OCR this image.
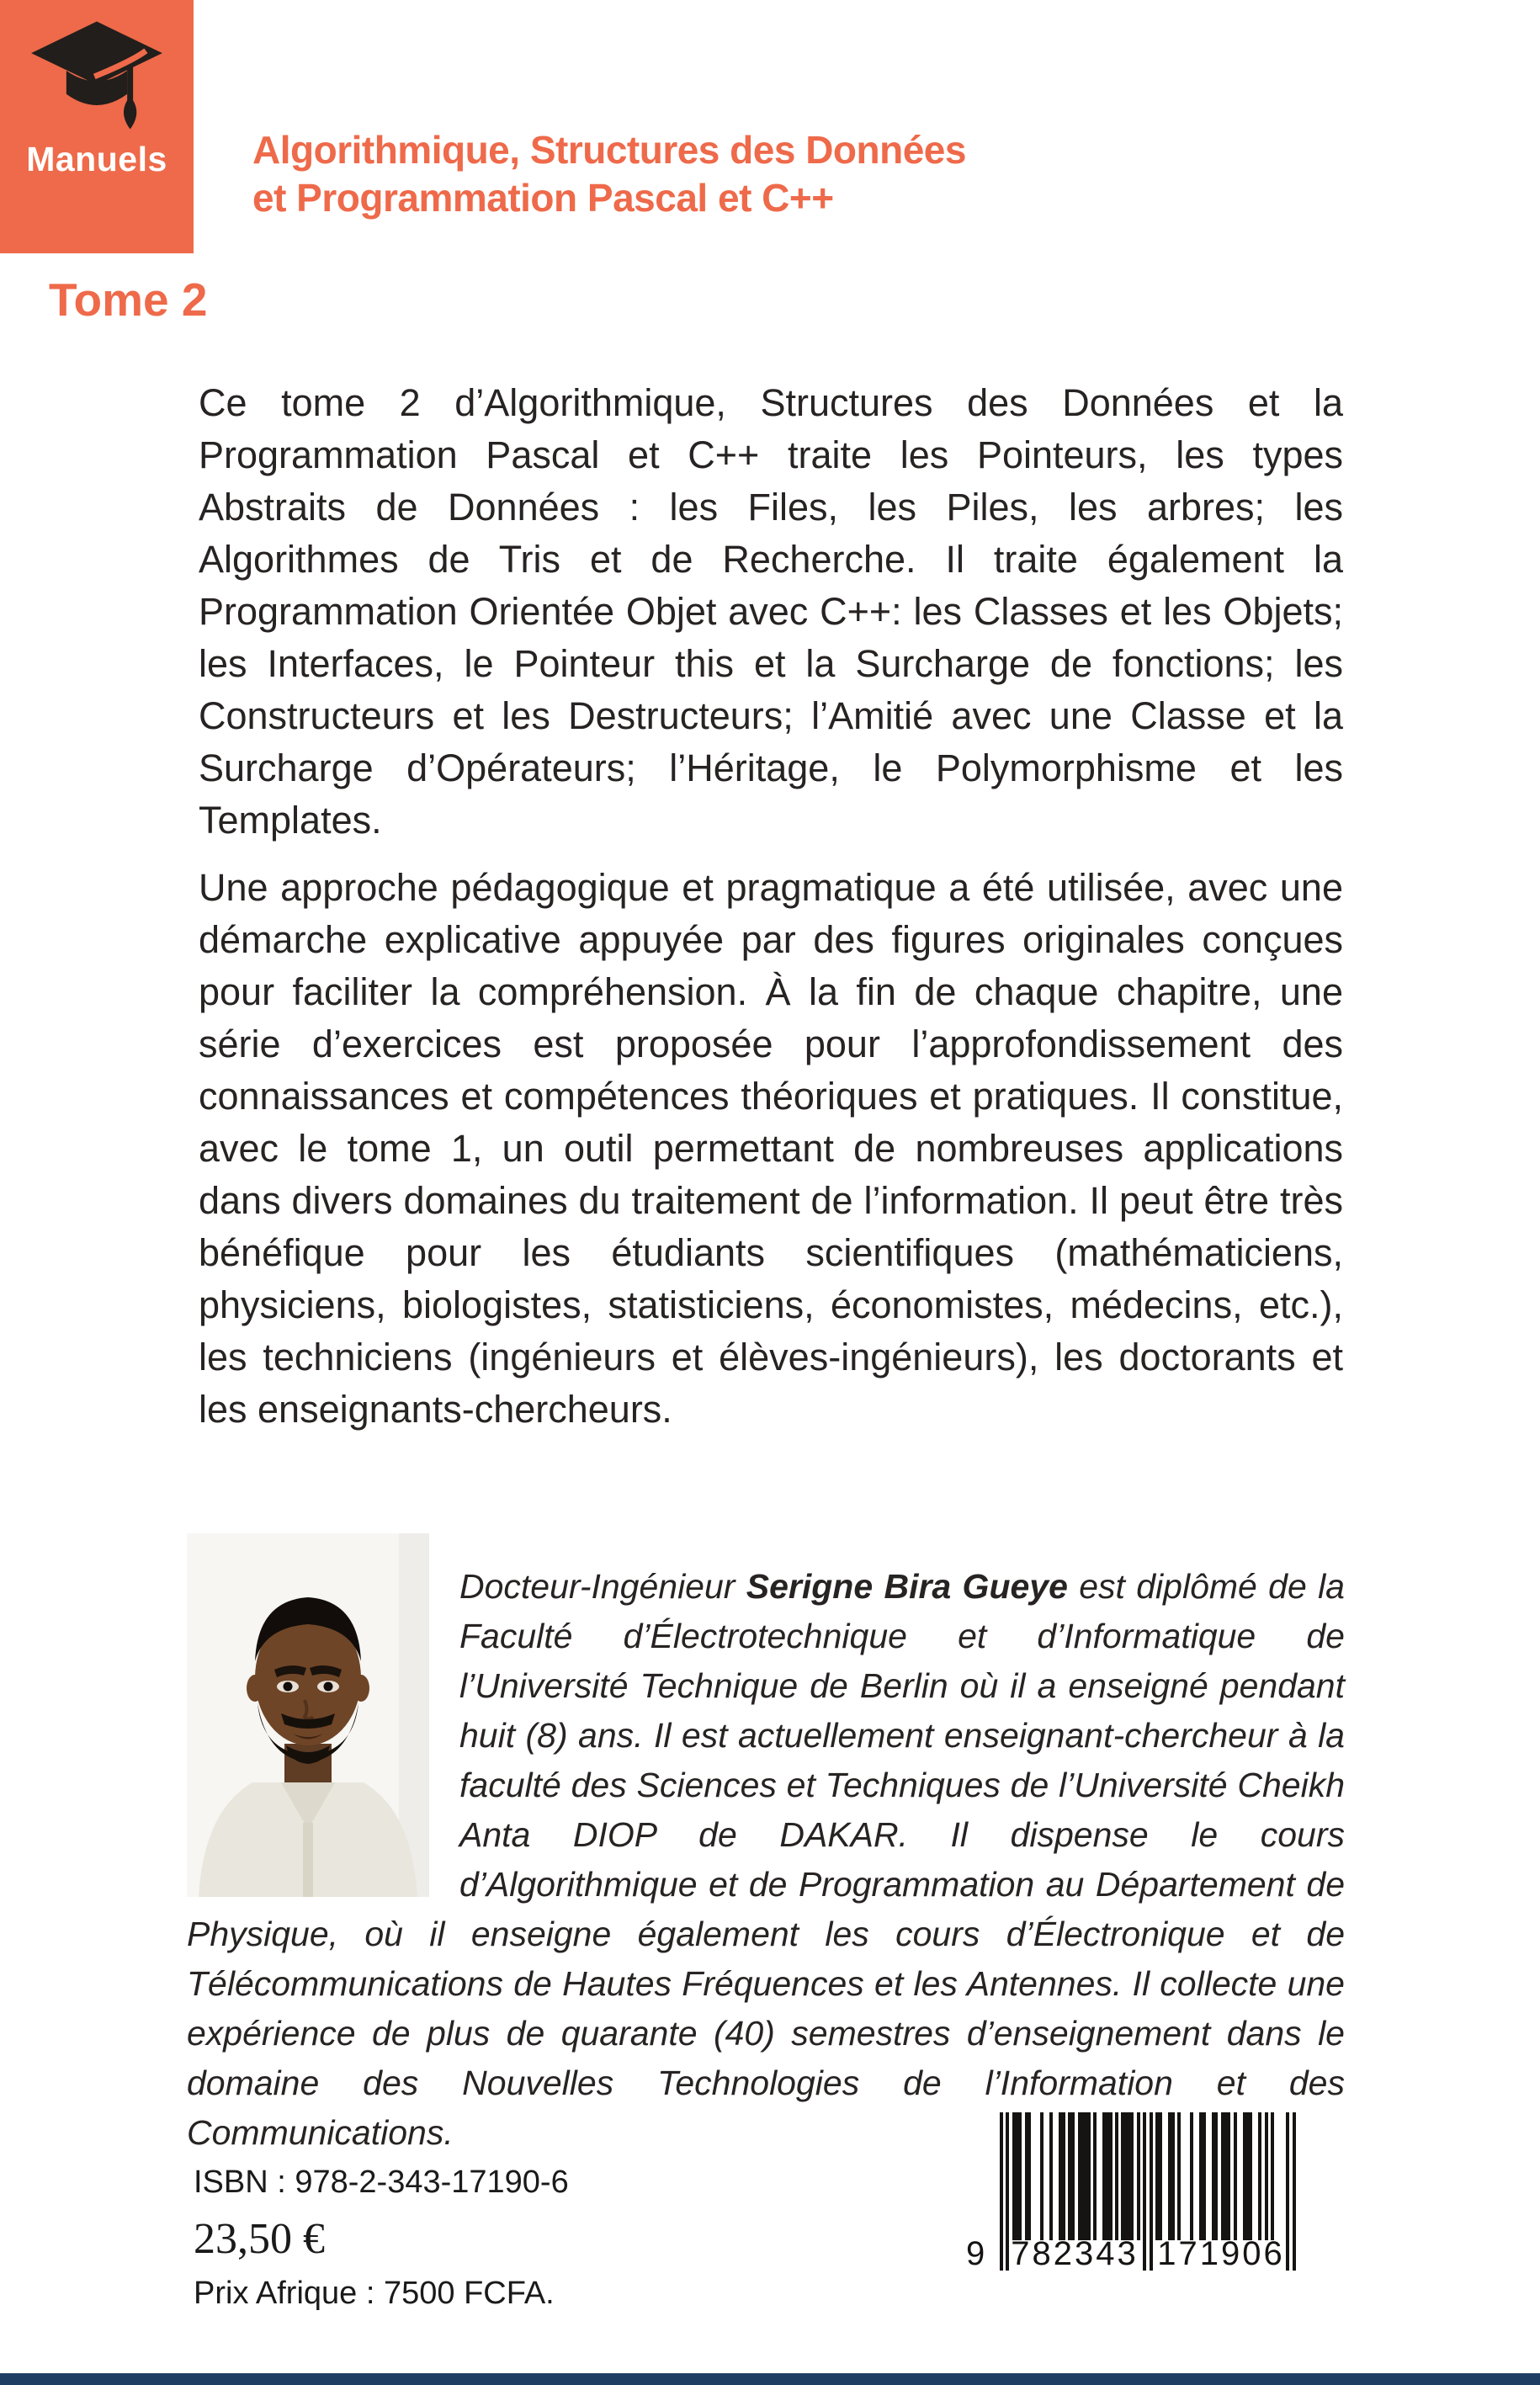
Manuels
Tome 2
Algorithmique, Structures des Données
et Programmation Pascal et C++

Ce tome 2 d’Algorithmique, Structures des Données et la Programmation Pascal et C++ traite les Pointeurs, les types Abstraits de Données : les Files, les Piles, les arbres; les Algorithmes de Tris et de Recherche. Il traite également la Programmation Orientée Objet avec C++: les Classes et les Objets; les Interfaces, le Pointeur this et la Surcharge de fonctions; les Constructeurs et les Destructeurs; l’Amitié avec une Classe et la Surcharge d’Opérateurs; l’Héritage, le Polymorphisme et les Templates.

Une approche pédagogique et pragmatique a été utilisée, avec une démarche explicative appuyée par des figures originales conçues pour faciliter la compréhension. À la fin de chaque chapitre, une série d’exercices est proposée pour l’approfondissement des connaissances et compétences théoriques et pratiques. Il constitue, avec le tome 1, un outil permettant de nombreuses applications dans divers domaines du traitement de l’information. Il peut être très bénéfique pour les étudiants scientifiques (mathématiciens, physiciens, biologistes, statisticiens, économistes, médecins, etc.), les techniciens (ingénieurs et élèves-ingénieurs), les doctorants et les enseignants-chercheurs.

Docteur-Ingénieur Serigne Bira Gueye est diplômé de la Faculté d’Électrotechnique et d’Informatique de l’Université Technique de Berlin où il a enseigné pendant huit (8) ans. Il est actuellement enseignant-chercheur à la faculté des Sciences et Techniques de l’Université Cheikh Anta DIOP de DAKAR. Il dispense le cours d’Algorithmique et de Programmation au Département de Physique, où il enseigne également les cours d’Électronique et de Télécommunications de Hautes Fréquences et les Antennes. Il collecte une expérience de plus de quarante (40) semestres d’enseignement dans le domaine des Nouvelles Technologies de l’Information et des Communications.

ISBN : 978-2-343-17190-6
23,50 €
Prix Afrique : 7500 FCFA.
9 782343 171906
